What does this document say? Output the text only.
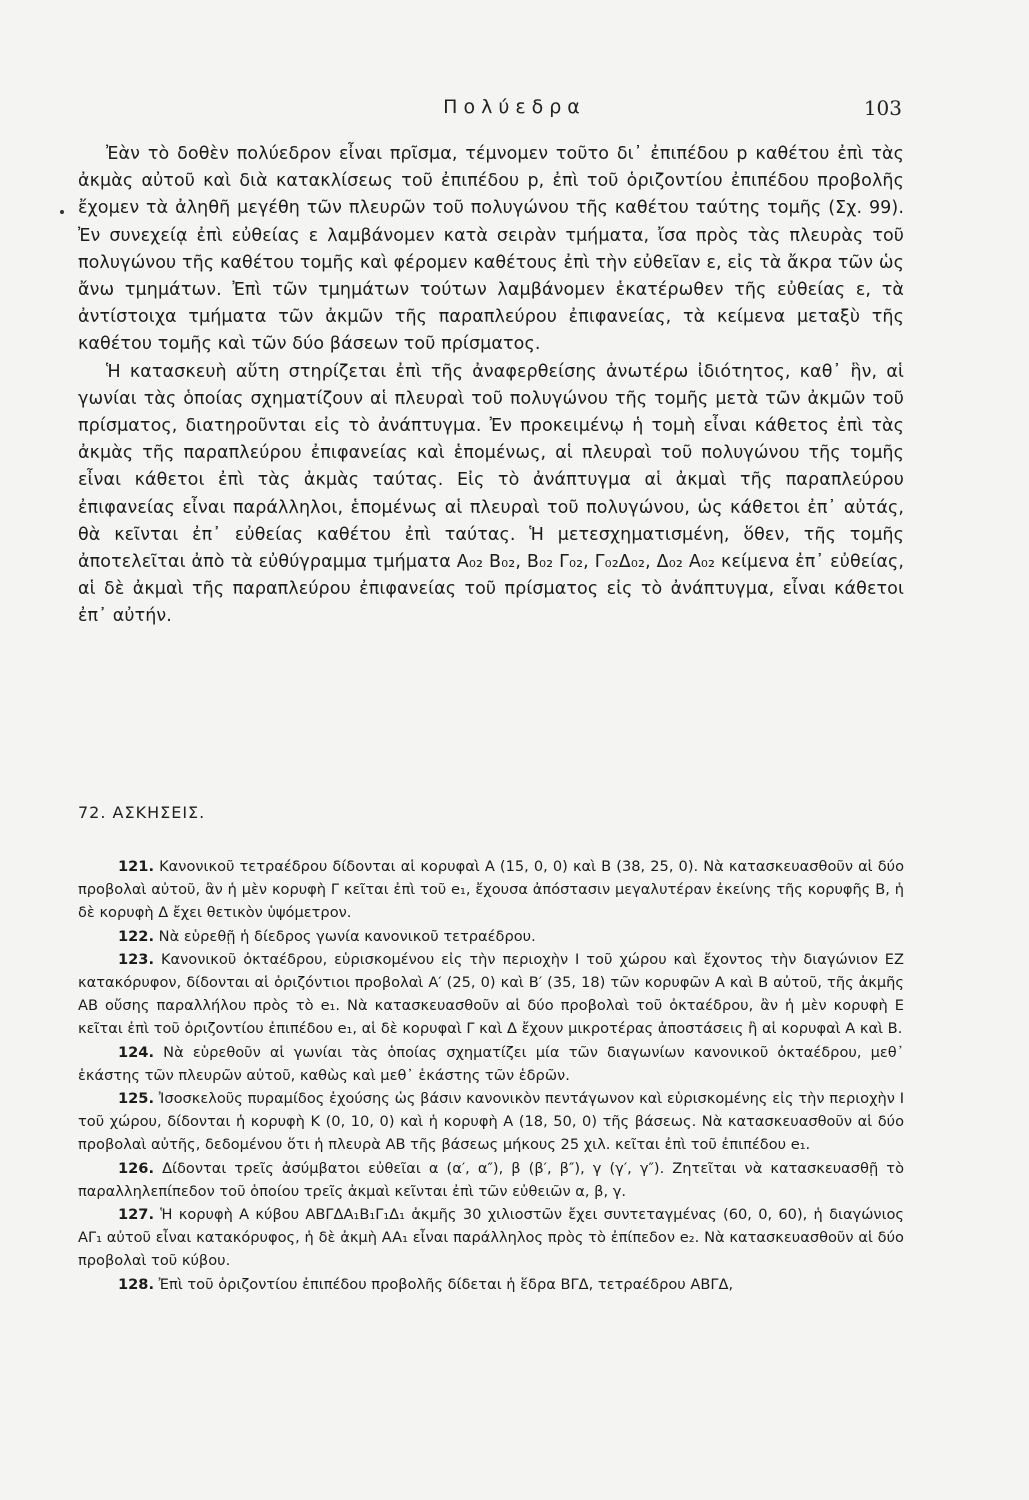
Πολύεδρα	103

Ἐὰν τὸ δοθὲν πολύεδρον εἶναι πρῖσμα, τέμνομεν τοῦτο δι᾿ ἐπιπέδου p καθέτου ἐπὶ τὰς ἀκμὰς αὐτοῦ καὶ διὰ κατακλίσεως τοῦ ἐπιπέδου p, ἐπὶ τοῦ ὁριζοντίου ἐπιπέδου προβολῆς ἔχομεν τὰ ἀληθῆ μεγέθη τῶν πλευρῶν τοῦ πολυγώνου τῆς καθέτου ταύτης τομῆς (Σχ. 99). Ἐν συνεχείᾳ ἐπὶ εὐθείας ε λαμβάνομεν κατὰ σειρὰν τμήματα, ἴσα πρὸς τὰς πλευρὰς τοῦ πολυγώνου τῆς καθέτου τομῆς καὶ φέρομεν καθέτους ἐπὶ τὴν εὐθεῖαν ε, εἰς τὰ ἄκρα τῶν ὡς ἄνω τμημάτων. Ἐπὶ τῶν τμημάτων τούτων λαμβάνομεν ἑκατέρωθεν τῆς εὐθείας ε, τὰ ἀντίστοιχα τμήματα τῶν ἀκμῶν τῆς παραπλεύρου ἐπιφανείας, τὰ κείμενα μεταξὺ τῆς καθέτου τομῆς καὶ τῶν δύο βάσεων τοῦ πρίσματος.

Ἡ κατασκευὴ αὕτη στηρίζεται ἐπὶ τῆς ἀναφερθείσης ἀνωτέρω ἰδιότητος, καθ᾿ ἣν, αἱ γωνίαι τὰς ὁποίας σχηματίζουν αἱ πλευραὶ τοῦ πολυγώνου τῆς τομῆς μετὰ τῶν ἀκμῶν τοῦ πρίσματος, διατηροῦνται εἰς τὸ ἀνάπτυγμα. Ἐν προκειμένῳ ἡ τομὴ εἶναι κάθετος ἐπὶ τὰς ἀκμὰς τῆς παραπλεύρου ἐπιφανείας καὶ ἑπομένως, αἱ πλευραὶ τοῦ πολυγώνου τῆς τομῆς εἶναι κάθετοι ἐπὶ τὰς ἀκμὰς ταύτας. Εἰς τὸ ἀνάπτυγμα αἱ ἀκμαὶ τῆς παραπλεύρου ἐπιφανείας εἶναι παράλληλοι, ἑπομένως αἱ πλευραὶ τοῦ πολυγώνου, ὡς κάθετοι ἐπ᾿ αὐτάς, θὰ κεῖνται ἐπ᾿ εὐθείας καθέτου ἐπὶ ταύτας. Ἡ μετεσχηματισμένη, ὅθεν, τῆς τομῆς ἀποτελεῖται ἀπὸ τὰ εὐθύγραμμα τμήματα A₀₂ B₀₂, B₀₂ Γ₀₂, Γ₀₂Δ₀₂, Δ₀₂ A₀₂ κείμενα ἐπ᾿ εὐθείας, αἱ δὲ ἀκμαὶ τῆς παραπλεύρου ἐπιφανείας τοῦ πρίσματος εἰς τὸ ἀνάπτυγμα, εἶναι κάθετοι ἐπ᾿ αὐτήν.

72. ΑΣΚΗΣΕΙΣ.

121. Κανονικοῦ τετραέδρου δίδονται αἱ κορυφαὶ A (15, 0, 0) καὶ B (38, 25, 0). Νὰ κατασκευασθοῦν αἱ δύο προβολαὶ αὐτοῦ, ἂν ἡ μὲν κορυφὴ Γ κεῖται ἐπὶ τοῦ e₁, ἔχουσα ἀπόστασιν μεγαλυτέραν ἐκείνης τῆς κορυφῆς B, ἡ δὲ κορυφὴ Δ ἔχει θετικὸν ὑψόμετρον.

122. Νὰ εὑρεθῇ ἡ δίεδρος γωνία κανονικοῦ τετραέδρου.

123. Κανονικοῦ ὀκταέδρου, εὑρισκομένου εἰς τὴν περιοχὴν I τοῦ χώρου καὶ ἔχοντος τὴν διαγώνιον EZ κατακόρυφον, δίδονται αἱ ὁριζόντιοι προβολαὶ A′ (25, 0) καὶ B′ (35, 18) τῶν κορυφῶν A καὶ B αὐτοῦ, τῆς ἀκμῆς AB οὔσης παραλλήλου πρὸς τὸ e₁. Νὰ κατασκευασθοῦν αἱ δύο προβολαὶ τοῦ ὀκταέδρου, ἂν ἡ μὲν κορυφὴ E κεῖται ἐπὶ τοῦ ὁριζοντίου ἐπιπέδου e₁, αἱ δὲ κορυφαὶ Γ καὶ Δ ἔχουν μικροτέρας ἀποστάσεις ἢ αἱ κορυφαὶ A καὶ B.

124. Νὰ εὑρεθοῦν αἱ γωνίαι τὰς ὁποίας σχηματίζει μία τῶν διαγωνίων κανονικοῦ ὀκταέδρου, μεθ᾿ ἑκάστης τῶν πλευρῶν αὐτοῦ, καθὼς καὶ μεθ᾿ ἑκάστης τῶν ἑδρῶν.

125. Ἰσοσκελοῦς πυραμίδος ἐχούσης ὡς βάσιν κανονικὸν πεντάγωνον καὶ εὑρισκομένης εἰς τὴν περιοχὴν I τοῦ χώρου, δίδονται ἡ κορυφὴ K (0, 10, 0) καὶ ἡ κορυφὴ A (18, 50, 0) τῆς βάσεως. Νὰ κατασκευασθοῦν αἱ δύο προβολαὶ αὐτῆς, δεδομένου ὅτι ἡ πλευρὰ AB τῆς βάσεως μήκους 25 χιλ. κεῖται ἐπὶ τοῦ ἐπιπέδου e₁.

126. Δίδονται τρεῖς ἀσύμβατοι εὐθεῖαι α (α′, α″), β (β′, β″), γ (γ′, γ″). Ζητεῖται νὰ κατασκευασθῇ τὸ παραλληλεπίπεδον τοῦ ὁποίου τρεῖς ἀκμαὶ κεῖνται ἐπὶ τῶν εὐθειῶν α, β, γ.

127. Ἡ κορυφὴ A κύβου ABΓΔA₁B₁Γ₁Δ₁ ἀκμῆς 30 χιλιοστῶν ἔχει συντεταγμένας (60, 0, 60), ἡ διαγώνιος AΓ₁ αὐτοῦ εἶναι κατακόρυφος, ἡ δὲ ἀκμὴ AA₁ εἶναι παράλληλος πρὸς τὸ ἐπίπεδον e₂. Νὰ κατασκευασθοῦν αἱ δύο προβολαὶ τοῦ κύβου.

128. Ἐπὶ τοῦ ὁριζοντίου ἐπιπέδου προβολῆς δίδεται ἡ ἕδρα BΓΔ, τετραέδρου ABΓΔ,
